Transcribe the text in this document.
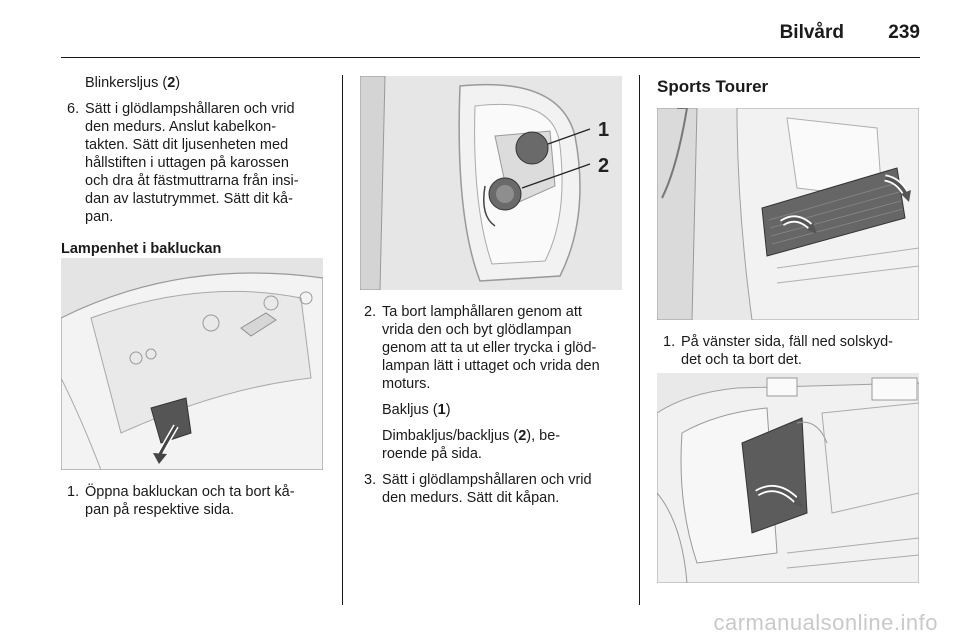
Bilvård 239

Blinkersljus (2)

6. Sätt i glödlampshållaren och vrid
den medurs. Anslut kabelkon-
takten. Sätt dit ljusenheten med
hållstiften i uttagen på karossen
och dra åt fästmuttrarna från insi-
dan av lastutrymmet. Sätt dit kå-
pan.
Lampenhet i bakluckan
1. Öppna bakluckan och ta bort kå-
pan på respektive sida.
1
2
2. Ta bort lamphållaren genom att
vrida den och byt glödlampan
genom att ta ut eller trycka i glöd-
lampan lätt i uttaget och vrida den
moturs.

Bakljus (1)

Dimbakljus/backljus (2), be-
roende på sida.

3. Sätt i glödlampshållaren och vrid
den medurs. Sätt dit kåpan.
Sports Tourer
1. På vänster sida, fäll ned solskyd-
det och ta bort det.
carmanualsonline.info
